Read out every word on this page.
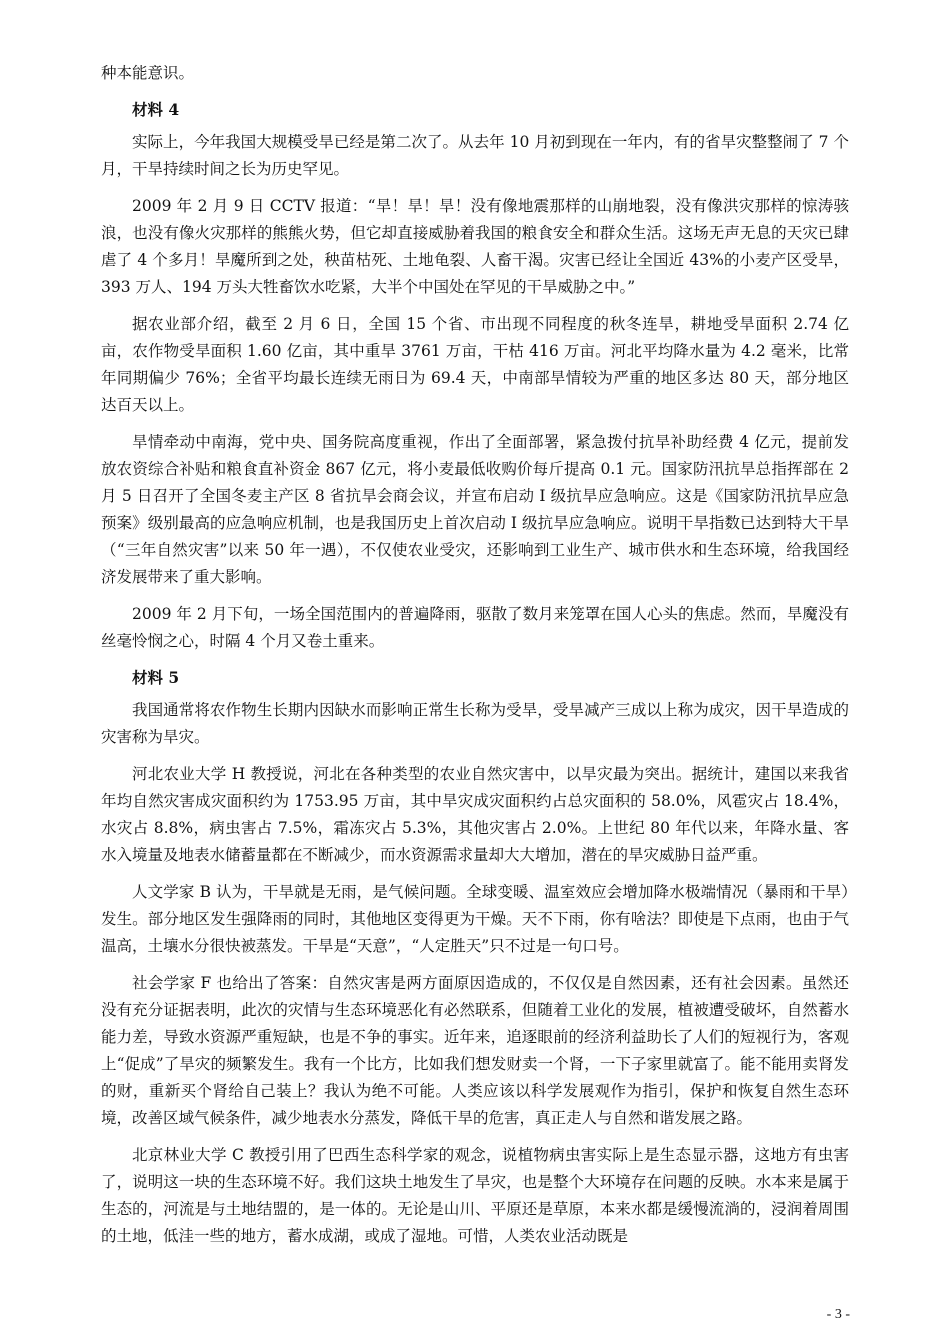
种本能意识。

材料 4

实际上，今年我国大规模受旱已经是第二次了。从去年 10 月初到现在一年内，有的省旱灾整整闹了 7 个月，干旱持续时间之长为历史罕见。

2009 年 2 月 9 日 CCTV 报道：“旱！旱！旱！没有像地震那样的山崩地裂，没有像洪灾那样的惊涛骇浪，也没有像火灾那样的熊熊火势，但它却直接威胁着我国的粮食安全和群众生活。这场无声无息的天灾已肆虐了 4 个多月！旱魔所到之处，秧苗枯死、土地龟裂、人畜干渴。灾害已经让全国近 43%的小麦产区受旱，393 万人、194 万头大牲畜饮水吃紧，大半个中国处在罕见的干旱威胁之中。”

据农业部介绍，截至 2 月 6 日，全国 15 个省、市出现不同程度的秋冬连旱，耕地受旱面积 2.74 亿亩，农作物受旱面积 1.60 亿亩，其中重旱 3761 万亩，干枯 416 万亩。河北平均降水量为 4.2 毫米，比常年同期偏少 76%；全省平均最长连续无雨日为 69.4 天，中南部旱情较为严重的地区多达 80 天，部分地区达百天以上。

旱情牵动中南海，党中央、国务院高度重视，作出了全面部署，紧急拨付抗旱补助经费 4 亿元，提前发放农资综合补贴和粮食直补资金 867 亿元，将小麦最低收购价每斤提高 0.1 元。国家防汛抗旱总指挥部在 2 月 5 日召开了全国冬麦主产区 8 省抗旱会商会议，并宣布启动 I 级抗旱应急响应。这是《国家防汛抗旱应急预案》级别最高的应急响应机制，也是我国历史上首次启动 I 级抗旱应急响应。说明干旱指数已达到特大干旱（“三年自然灾害”以来 50 年一遇），不仅使农业受灾，还影响到工业生产、城市供水和生态环境，给我国经济发展带来了重大影响。

2009 年 2 月下旬，一场全国范围内的普遍降雨，驱散了数月来笼罩在国人心头的焦虑。然而，旱魔没有丝毫怜悯之心，时隔 4 个月又卷土重来。

材料 5

我国通常将农作物生长期内因缺水而影响正常生长称为受旱，受旱减产三成以上称为成灾，因干旱造成的灾害称为旱灾。

河北农业大学 H 教授说，河北在各种类型的农业自然灾害中，以旱灾最为突出。据统计，建国以来我省年均自然灾害成灾面积约为 1753.95 万亩，其中旱灾成灾面积约占总灾面积的 58.0%，风雹灾占 18.4%，水灾占 8.8%，病虫害占 7.5%，霜冻灾占 5.3%，其他灾害占 2.0%。上世纪 80 年代以来，年降水量、客水入境量及地表水储蓄量都在不断减少，而水资源需求量却大大增加，潜在的旱灾威胁日益严重。

人文学家 B 认为，干旱就是无雨，是气候问题。全球变暖、温室效应会增加降水极端情况（暴雨和干旱）发生。部分地区发生强降雨的同时，其他地区变得更为干燥。天不下雨，你有啥法？即使是下点雨，也由于气温高，土壤水分很快被蒸发。干旱是“天意”，“人定胜天”只不过是一句口号。

社会学家 F 也给出了答案：自然灾害是两方面原因造成的，不仅仅是自然因素，还有社会因素。虽然还没有充分证据表明，此次的灾情与生态环境恶化有必然联系，但随着工业化的发展，植被遭受破坏，自然蓄水能力差，导致水资源严重短缺，也是不争的事实。近年来，追逐眼前的经济利益助长了人们的短视行为，客观上“促成”了旱灾的频繁发生。我有一个比方，比如我们想发财卖一个肾，一下子家里就富了。能不能用卖肾发的财，重新买个肾给自己装上？我认为绝不可能。人类应该以科学发展观作为指引，保护和恢复自然生态环境，改善区域气候条件，减少地表水分蒸发，降低干旱的危害，真正走人与自然和谐发展之路。

北京林业大学 C 教授引用了巴西生态科学家的观念，说植物病虫害实际上是生态显示器，这地方有虫害了，说明这一块的生态环境不好。我们这块土地发生了旱灾，也是整个大环境存在问题的反映。水本来是属于生态的，河流是与土地结盟的，是一体的。无论是山川、平原还是草原，本来水都是缓慢流淌的，浸润着周围的土地，低洼一些的地方，蓄水成湖，或成了湿地。可惜，人类农业活动既是

- 3 -
